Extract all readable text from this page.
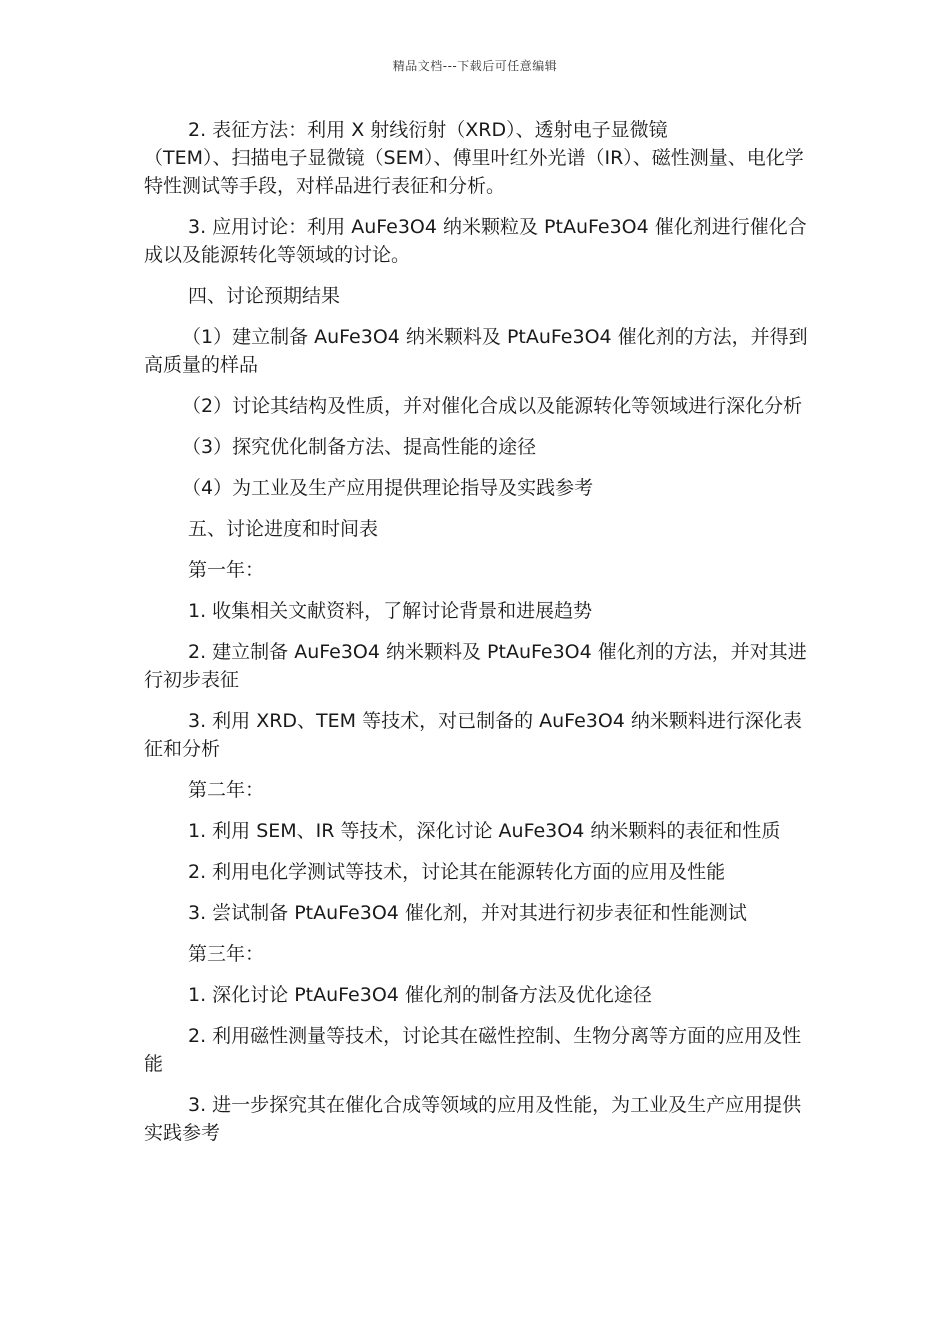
精品文档---下载后可任意编辑

2. 表征方法：利用 X 射线衍射（XRD）、透射电子显微镜

（TEM）、扫描电子显微镜（SEM）、傅里叶红外光谱（IR）、磁性测量、电化学特性测试等手段，对样品进行表征和分析。

3. 应用讨论：利用 AuFe3O4 纳米颗粒及 PtAuFe3O4 催化剂进行催化合成以及能源转化等领域的讨论。

四、讨论预期结果

（1）建立制备 AuFe3O4 纳米颗料及 PtAuFe3O4 催化剂的方法，并得到高质量的样品

（2）讨论其结构及性质，并对催化合成以及能源转化等领域进行深化分析

（3）探究优化制备方法、提高性能的途径

（4）为工业及生产应用提供理论指导及实践参考

五、讨论进度和时间表

第一年：

1. 收集相关文献资料，了解讨论背景和进展趋势

2. 建立制备 AuFe3O4 纳米颗料及 PtAuFe3O4 催化剂的方法，并对其进行初步表征

3. 利用 XRD、TEM 等技术，对已制备的 AuFe3O4 纳米颗料进行深化表征和分析

第二年：

1. 利用 SEM、IR 等技术，深化讨论 AuFe3O4 纳米颗料的表征和性质

2. 利用电化学测试等技术，讨论其在能源转化方面的应用及性能

3. 尝试制备 PtAuFe3O4 催化剂，并对其进行初步表征和性能测试

第三年：

1. 深化讨论 PtAuFe3O4 催化剂的制备方法及优化途径

2. 利用磁性测量等技术，讨论其在磁性控制、生物分离等方面的应用及性能

3. 进一步探究其在催化合成等领域的应用及性能，为工业及生产应用提供实践参考
